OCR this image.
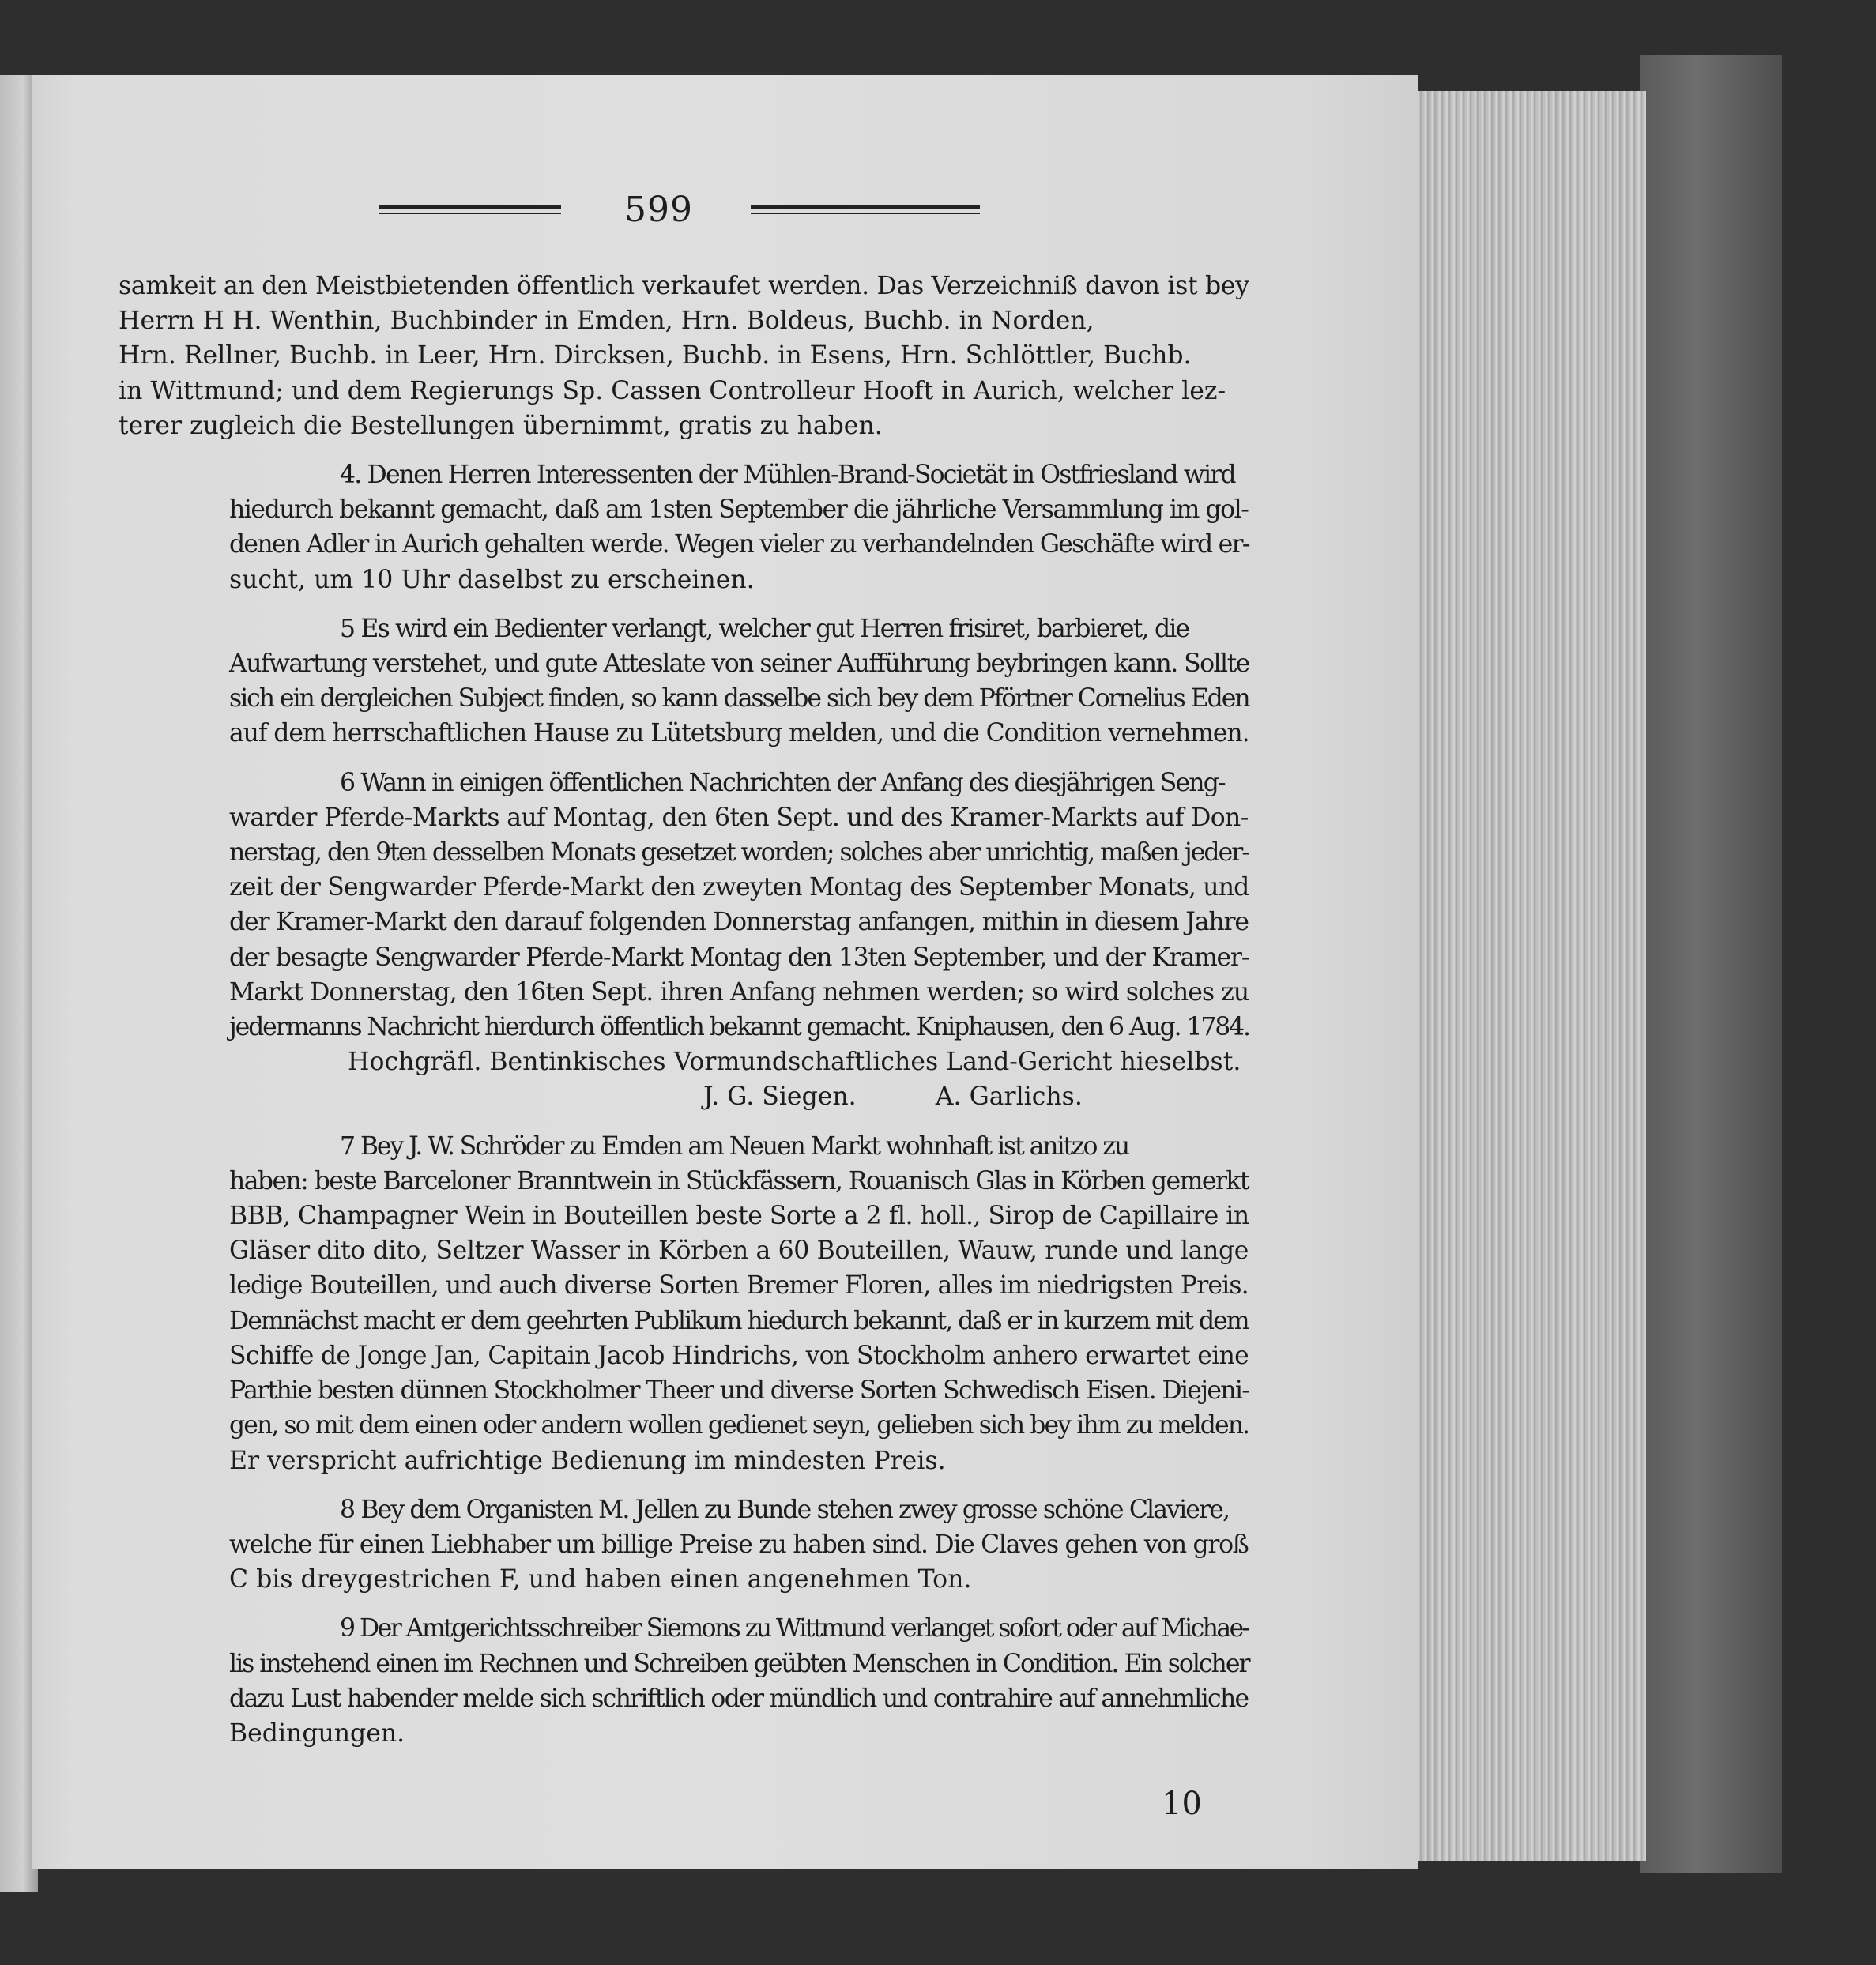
599

samkeit an den Meistbietenden öffentlich verkaufet werden. Das Verzeichniß davon ist bey
Herrn H H. Wenthin, Buchbinder in Emden, Hrn. Boldeus, Buchb. in Norden,
Hrn. Rellner, Buchb. in Leer, Hrn. Dircksen, Buchb. in Esens, Hrn. Schlöttler, Buchb.
in Wittmund; und dem Regierungs Sp. Cassen Controlleur Hooft in Aurich, welcher lez-
terer zugleich die Bestellungen übernimmt, gratis zu haben.

4. Denen Herren Interessenten der Mühlen-Brand-Societät in Ostfriesland wird
hiedurch bekannt gemacht, daß am 1sten September die jährliche Versammlung im gol-
denen Adler in Aurich gehalten werde. Wegen vieler zu verhandelnden Geschäfte wird er-
sucht, um 10 Uhr daselbst zu erscheinen.

5 Es wird ein Bedienter verlangt, welcher gut Herren frisiret, barbieret, die
Aufwartung verstehet, und gute Atteslate von seiner Aufführung beybringen kann. Sollte
sich ein dergleichen Subject finden, so kann dasselbe sich bey dem Pförtner Cornelius Eden
auf dem herrschaftlichen Hause zu Lütetsburg melden, und die Condition vernehmen.

6 Wann in einigen öffentlichen Nachrichten der Anfang des diesjährigen Seng-
warder Pferde-Markts auf Montag, den 6ten Sept. und des Kramer-Markts auf Don-
nerstag, den 9ten desselben Monats gesetzet worden; solches aber unrichtig, maßen jeder-
zeit der Sengwarder Pferde-Markt den zweyten Montag des September Monats, und
der Kramer-Markt den darauf folgenden Donnerstag anfangen, mithin in diesem Jahre
der besagte Sengwarder Pferde-Markt Montag den 13ten September, und der Kramer-
Markt Donnerstag, den 16ten Sept. ihren Anfang nehmen werden; so wird solches zu
jedermanns Nachricht hierdurch öffentlich bekannt gemacht. Kniphausen, den 6 Aug. 1784.
Hochgräfl. Bentinkisches Vormundschaftliches Land-Gericht hieselbst.
J. G. Siegen.          A. Garlichs.

7 Bey J. W. Schröder zu Emden am Neuen Markt wohnhaft ist anitzo zu
haben: beste Barceloner Branntwein in Stückfässern, Rouanisch Glas in Körben gemerkt
BBB, Champagner Wein in Bouteillen beste Sorte a 2 fl. holl., Sirop de Capillaire in
Gläser dito dito, Seltzer Wasser in Körben a 60 Bouteillen, Wauw, runde und lange
ledige Bouteillen, und auch diverse Sorten Bremer Floren, alles im niedrigsten Preis.
Demnächst macht er dem geehrten Publikum hiedurch bekannt, daß er in kurzem mit dem
Schiffe de Jonge Jan, Capitain Jacob Hindrichs, von Stockholm anhero erwartet eine
Parthie besten dünnen Stockholmer Theer und diverse Sorten Schwedisch Eisen. Diejeni-
gen, so mit dem einen oder andern wollen gedienet seyn, gelieben sich bey ihm zu melden.
Er verspricht aufrichtige Bedienung im mindesten Preis.

8 Bey dem Organisten M. Jellen zu Bunde stehen zwey grosse schöne Claviere,
welche für einen Liebhaber um billige Preise zu haben sind. Die Claves gehen von groß
C bis dreygestrichen F, und haben einen angenehmen Ton.

9 Der Amtgerichtsschreiber Siemons zu Wittmund verlanget sofort oder auf Michae-
lis instehend einen im Rechnen und Schreiben geübten Menschen in Condition. Ein solcher
dazu Lust habender melde sich schriftlich oder mündlich und contrahire auf annehmliche
Bedingungen.

10
